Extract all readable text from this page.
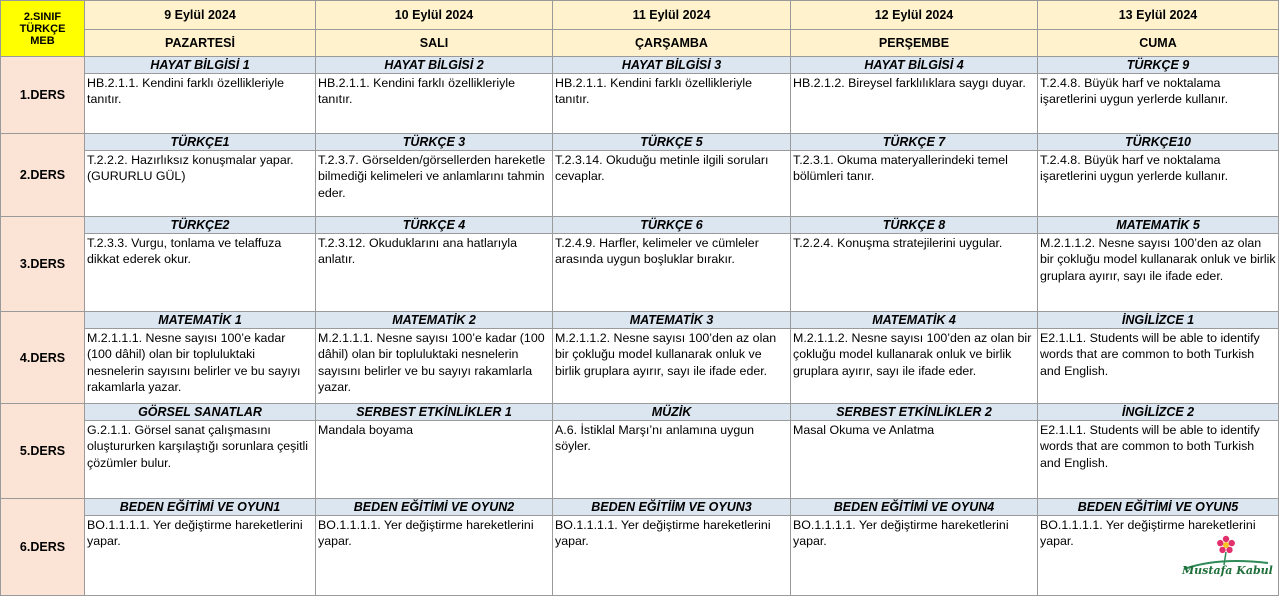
2.SINIF
TÜRKÇE
MEB	9 Eylül 2024	10 Eylül 2024	11 Eylül 2024	12 Eylül 2024	13 Eylül 2024
	PAZARTESİ	SALI	ÇARŞAMBA	PERŞEMBE	CUMA
1.DERS	HAYAT BİLGİSİ 1	HAYAT BİLGİSİ 2	HAYAT BİLGİSİ 3	HAYAT BİLGİSİ 4	TÜRKÇE 9
	HB.2.1.1. Kendini farklı özellikleriyle tanıtır.	HB.2.1.1. Kendini farklı özellikleriyle tanıtır.	HB.2.1.1. Kendini farklı özellikleriyle tanıtır.	HB.2.1.2. Bireysel farklılıklara saygı duyar.	T.2.4.8. Büyük harf ve noktalama işaretlerini uygun yerlerde kullanır.
2.DERS	TÜRKÇE1	TÜRKÇE 3	TÜRKÇE 5	TÜRKÇE 7	TÜRKÇE10
	T.2.2.2. Hazırlıksız konuşmalar yapar.(GURURLU GÜL)	T.2.3.7. Görselden/görsellerden hareketle bilmediği kelimeleri ve anlamlarını tahmin eder.	T.2.3.14. Okuduğu metinle ilgili soruları cevaplar.	T.2.3.1. Okuma materyallerindeki temel bölümleri tanır.	T.2.4.8. Büyük harf ve noktalama işaretlerini uygun yerlerde kullanır.
3.DERS	TÜRKÇE2	TÜRKÇE 4	TÜRKÇE 6	TÜRKÇE 8	MATEMATİK 5
	T.2.3.3. Vurgu, tonlama ve telaffuza dikkat ederek okur.	T.2.3.12. Okuduklarını ana hatlarıyla anlatır.	T.2.4.9. Harfler, kelimeler ve cümleler arasında uygun boşluklar bırakır.	T.2.2.4. Konuşma stratejilerini uygular.	M.2.1.1.2. Nesne sayısı 100’den az olan bir çokluğu model kullanarak onluk ve birlik gruplara ayırır, sayı ile ifade eder.
4.DERS	MATEMATİK 1	MATEMATİK 2	MATEMATİK 3	MATEMATİK 4	İNGİLİZCE 1
	M.2.1.1.1. Nesne sayısı 100’e kadar (100 dâhil) olan bir topluluktaki nesnelerin sayısını belirler ve bu sayıyı rakamlarla yazar.	M.2.1.1.1. Nesne sayısı 100’e kadar (100 dâhil) olan bir topluluktaki nesnelerin sayısını belirler ve bu sayıyı rakamlarla yazar.	M.2.1.1.2. Nesne sayısı 100’den az olan bir çokluğu model kullanarak onluk ve birlik gruplara ayırır, sayı ile ifade eder.	M.2.1.1.2. Nesne sayısı 100’den az olan bir çokluğu model kullanarak onluk ve birlik gruplara ayırır, sayı ile ifade eder.	E2.1.L1. Students will be able to identify words that are common to both Turkish and English.
5.DERS	GÖRSEL SANATLAR	SERBEST ETKİNLİKLER 1	MÜZİK	SERBEST ETKİNLİKLER 2	İNGİLİZCE 2
	G.2.1.1. Görsel sanat çalışmasını oluştururken karşılaştığı sorunlara çeşitli çözümler bulur.	Mandala boyama	A.6. İstiklal Marşı’nı anlamına uygun söyler.	Masal Okuma ve Anlatma	E2.1.L1. Students will be able to identify words that are common to both Turkish and English.
6.DERS	BEDEN EĞİTİMİ VE OYUN1	BEDEN EĞİTİMİ VE OYUN2	BEDEN EĞİTİİM VE OYUN3	BEDEN EĞİTİMİ VE OYUN4	BEDEN EĞİTİMİ VE OYUN5
	BO.1.1.1.1. Yer değiştirme hareketlerini yapar.	BO.1.1.1.1. Yer değiştirme hareketlerini yapar.	BO.1.1.1.1. Yer değiştirme hareketlerini yapar.	BO.1.1.1.1. Yer değiştirme hareketlerini yapar.	BO.1.1.1.1. Yer değiştirme hareketlerini yapar.
Mustafa Kabul
